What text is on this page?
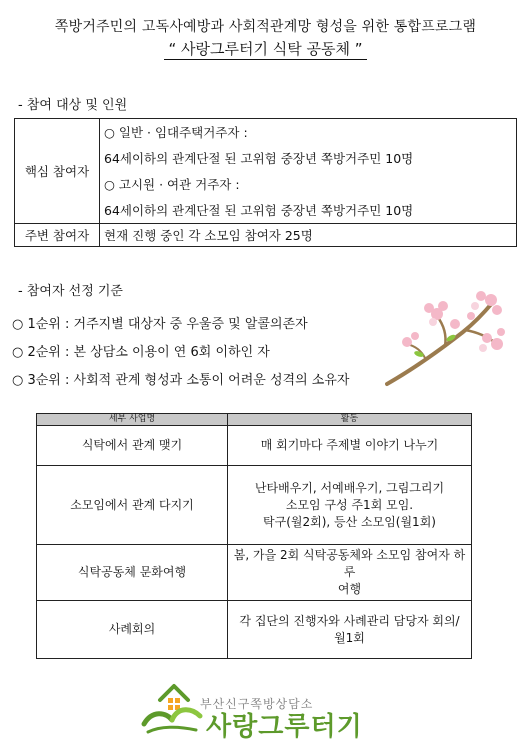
쪽방거주민의 고독사예방과 사회적관계망 형성을 위한 통합프로그램
“ 사랑그루터기 식탁 공동체 ”
- 참여 대상 및 인원
핵심 참여자	○ 일반 · 임대주택거주자 :
64세이하의 관계단절 된 고위험 중장년 쪽방거주민 10명
○ 고시원 · 여관 거주자 :
64세이하의 관계단절 된 고위험 중장년 쪽방거주민 10명

주변 참여자	현재 진행 중인 각 소모임 참여자 25명
- 참여자 선정 기준
○ 1순위 : 거주지별 대상자 중 우울증 및 알콜의존자
○ 2순위 : 본 상담소 이용이 연 6회 이하인 자
○ 3순위 : 사회적 관계 형성과 소통이 어려운 성격의 소유자
세부 사업명	활동
식탁에서 관계 맺기	매 회기마다 주제별 이야기 나누기

소모임에서 관계 다지기	난타배우기, 서예배우기, 그림그리기
소모임 구성 주1회 모임.
탁구(월2회), 등산 소모임(월1회)

식탁공동체 문화여행	봄, 가을 2회 식탁공동체와 소모임 참여자 하루
여행

사례회의	각 집단의 진행자와 사례관리 담당자 회의/
월1회
부산신구쪽방상담소
사랑그루터기
